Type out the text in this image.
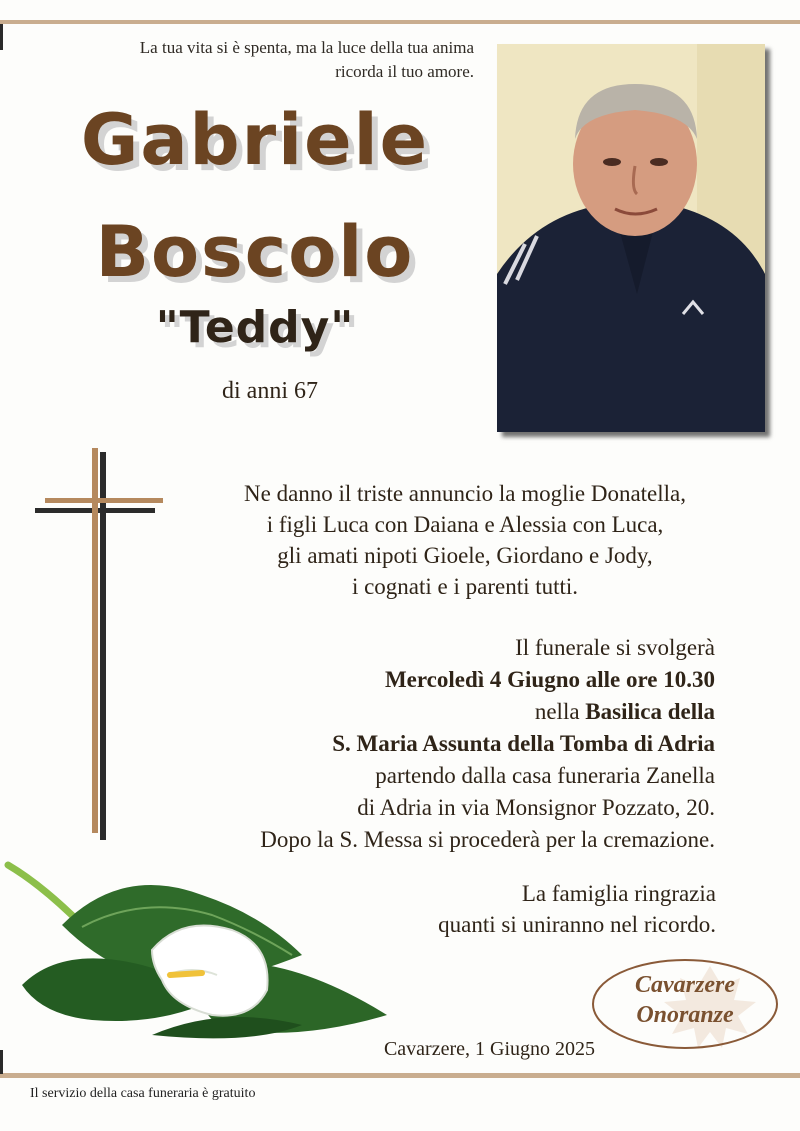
La tua vita si è spenta, ma la luce della tua anima
ricorda il tuo amore.
Gabriele
Boscolo
"Teddy"
di anni 67
Ne danno il triste annuncio la moglie Donatella,
i figli Luca con Daiana e Alessia con Luca,
gli amati nipoti Gioele, Giordano e Jody,
i cognati e i parenti tutti.
Il funerale si svolgerà
Mercoledì 4 Giugno alle ore 10.30
nella Basilica della
S. Maria Assunta della Tomba di Adria
partendo dalla casa funeraria Zanella
di Adria in via Monsignor Pozzato, 20.
Dopo la S. Messa si procederà per la cremazione.
La famiglia ringrazia
quanti si uniranno nel ricordo.
Cavarzere, 1 Giugno 2025
Cavarzere
Onoranze
Il servizio della casa funeraria è gratuito
